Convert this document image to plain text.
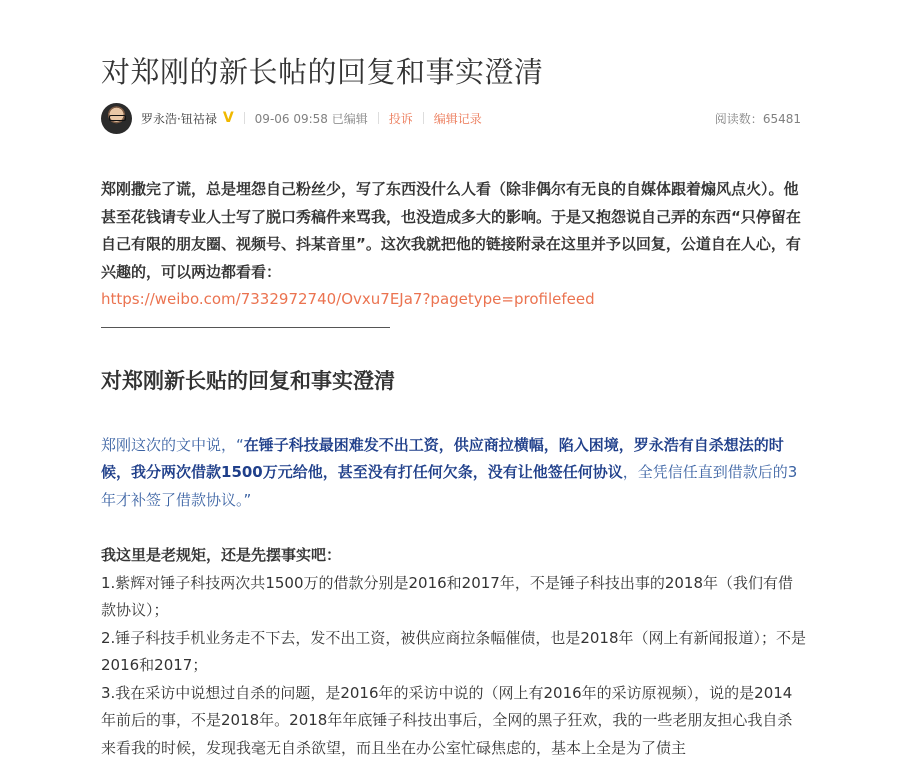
对郑刚的新长帖的回复和事实澄清
罗永浩·钮祜禄 V 09-06 09:58 已编辑 投诉 编辑记录	阅读数：65481

郑刚撒完了谎，总是埋怨自己粉丝少，写了东西没什么人看（除非偶尔有无良的自媒体跟着煽风点火）。他甚至花钱请专业人士写了脱口秀稿件来骂我，也没造成多大的影响。于是又抱怨说自己弄的东西“只停留在自己有限的朋友圈、视频号、抖某音里”。这次我就把他的链接附录在这里并予以回复，公道自在人心，有兴趣的，可以两边都看看：

https://weibo.com/7332972740/Ovxu7EJa7?pagetype=profilefeed
对郑刚新长贴的回复和事实澄清

郑刚这次的文中说，“在锤子科技最困难发不出工资，供应商拉横幅，陷入困境，罗永浩有自杀想法的时候，我分两次借款1500万元给他，甚至没有打任何欠条，没有让他签任何协议，全凭信任直到借款后的3年才补签了借款协议。”

我这里是老规矩，还是先摆事实吧：

1.紫辉对锤子科技两次共1500万的借款分别是2016和2017年，不是锤子科技出事的2018年（我们有借款协议）；

2.锤子科技手机业务走不下去，发不出工资，被供应商拉条幅催债，也是2018年（网上有新闻报道）；不是2016和2017；

3.我在采访中说想过自杀的问题，是2016年的采访中说的（网上有2016年的采访原视频），说的是2014年前后的事，不是2018年。2018年年底锤子科技出事后，全网的黑子狂欢，我的一些老朋友担心我自杀来看我的时候，发现我毫无自杀欲望，而且坐在办公室忙碌焦虑的，基本上全是为了债主
